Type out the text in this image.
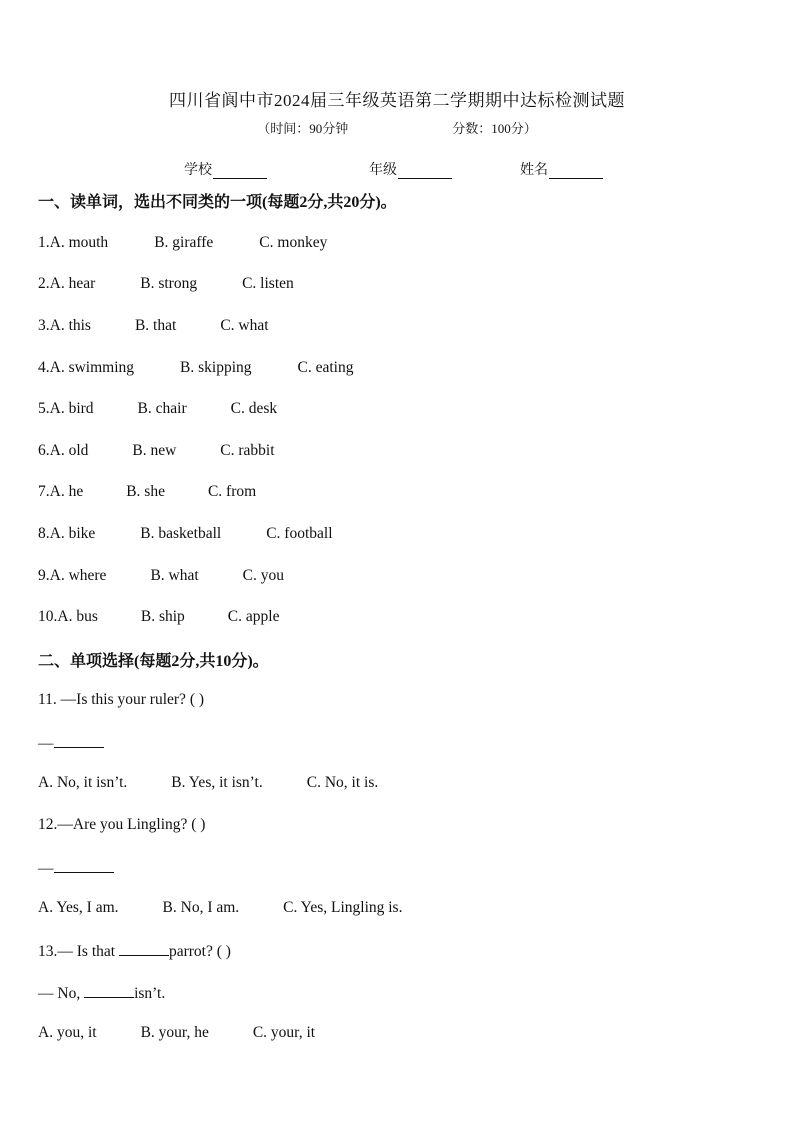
四川省阆中市2024届三年级英语第二学期期中达标检测试题
（时间：90分钟	分数：100分）
学校	年级	姓名
一、读单词，选出不同类的一项(每题2分,共20分)。
1.A. mouth	B. giraffe	C. monkey
2.A. hear	B. strong	C. listen
3.A. this	B. that	C. what
4.A. swimming	B. skipping	C. eating
5.A. bird	B. chair	C. desk
6.A. old	B. new	C. rabbit
7.A. he	B. she	C. from
8.A. bike	B. basketball	C. football
9.A. where	B. what	C. you
10.A. bus	B. ship	C. apple
二、单项选择(每题2分,共10分)。
11. —Is this your ruler? ( )
—
A. No, it isn’t.	B. Yes, it isn’t.	C. No, it is.
12.—Are you Lingling? ( )
—
A. Yes, I am.	B. No, I am.	C. Yes, Lingling is.
13.— Is that	parrot? ( )
— No,	isn’t.
A. you, it	B. your, he	C. your, it
